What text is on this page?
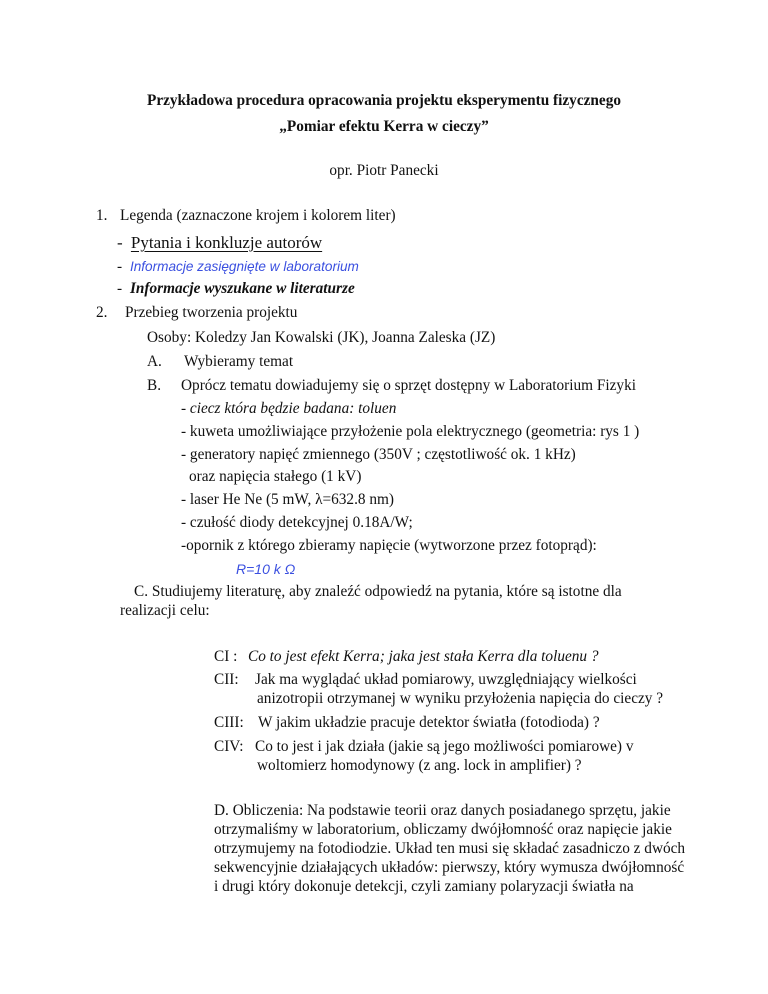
Przykładowa procedura opracowania projektu eksperymentu fizycznego
„Pomiar efektu Kerra w cieczy”
opr. Piotr Panecki
1. Legenda (zaznaczone krojem i kolorem liter)
- Pytania i konkluzje autorów
- Informacje zasięgnięte w laboratorium
- Informacje wyszukane w literaturze
2. Przebieg tworzenia projektu
Osoby: Koledzy Jan Kowalski (JK), Joanna Zaleska (JZ)
A. Wybieramy temat
B. Oprócz tematu dowiadujemy się o sprzęt dostępny w Laboratorium Fizyki
- ciecz która będzie badana: toluen
- kuweta umożliwiające przyłożenie pola elektrycznego (geometria: rys 1 )
- generatory napięć zmiennego (350V ; częstotliwość ok. 1 kHz)
oraz napięcia stałego (1 kV)
- laser He Ne (5 mW, λ=632.8 nm)
- czułość diody detekcyjnej 0.18A/W;
-opornik z którego zbieramy napięcie (wytworzone przez fotoprąd):
R=10 k Ω
C. Studiujemy literaturę, aby znaleźć odpowiedź na pytania, które są istotne dla
realizacji celu:
CI : Co to jest efekt Kerra; jaka jest stała Kerra dla toluenu ?
CII: Jak ma wyglądać układ pomiarowy, uwzględniający wielkości
anizotropii otrzymanej w wyniku przyłożenia napięcia do cieczy ?
CIII: W jakim układzie pracuje detektor światła (fotodioda) ?
CIV: Co to jest i jak działa (jakie są jego możliwości pomiarowe) v
woltomierz homodynowy (z ang. lock in amplifier) ?
D. Obliczenia: Na podstawie teorii oraz danych posiadanego sprzętu, jakie
otrzymaliśmy w laboratorium, obliczamy dwójłomność oraz napięcie jakie
otrzymujemy na fotodiodzie. Układ ten musi się składać zasadniczo z dwóch
sekwencyjnie działających układów: pierwszy, który wymusza dwójłomność
i drugi który dokonuje detekcji, czyli zamiany polaryzacji światła na
